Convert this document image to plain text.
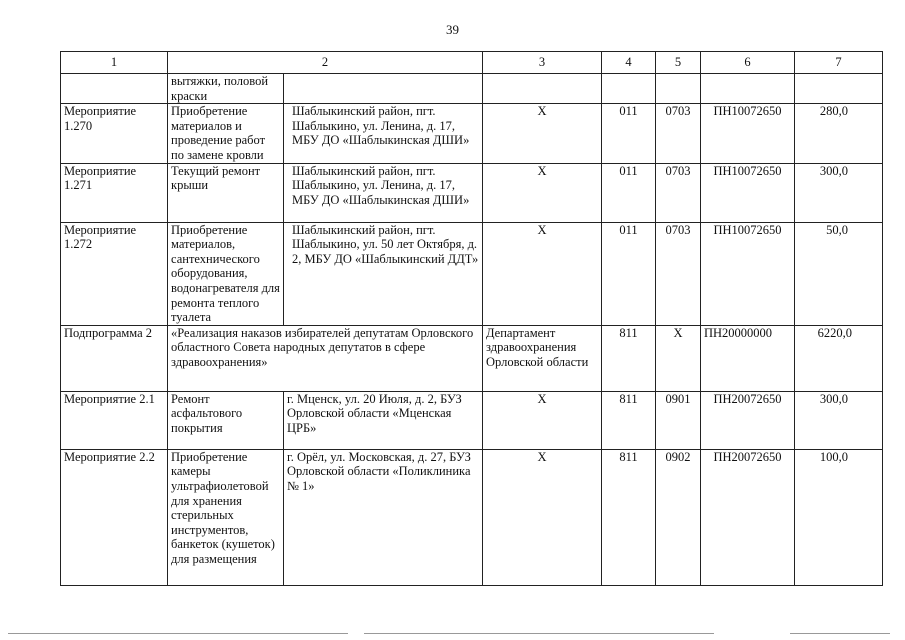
39
1	2		3	4	5	6	7
	вытяжки, половой краски						
Мероприятие 1.270	Приобретение материалов и проведение работ по замене кровли	Шаблыкинский район, пгт. Шаблыкино, ул. Ленина, д. 17, МБУ ДО «Шаблыкинская ДШИ»	Х	011	0703	ПН10072650	280,0
Мероприятие 1.271	Текущий ремонт крыши	Шаблыкинский район, пгт. Шаблыкино, ул. Ленина, д. 17, МБУ ДО «Шаблыкинская ДШИ»	Х	011	0703	ПН10072650	300,0
Мероприятие 1.272	Приобретение материалов, сантехнического оборудования, водонагревателя для ремонта теплого туалета	Шаблыкинский район, пгт. Шаблыкино, ул. 50 лет Октября, д. 2, МБУ ДО «Шаблыкинский ДДТ»	Х	011	0703	ПН10072650	50,0
Подпрограмма 2	«Реализация наказов избирателей депутатам Орловского областного Совета народных депутатов в сфере здравоохранения»		Департамент здравоохранения Орловской области	811	Х	ПН20000000	6220,0
Мероприятие 2.1	Ремонт асфальтового покрытия	г. Мценск, ул. 20 Июля, д. 2, БУЗ Орловской области «Мценская ЦРБ»	Х	811	0901	ПН20072650	300,0
Мероприятие 2.2	Приобретение камеры ультрафиолетовой для хранения стерильных инструментов, банкеток (кушеток) для размещения	г. Орёл, ул. Московская, д. 27, БУЗ Орловской области «Поликлиника № 1»	Х	811	0902	ПН20072650	100,0
